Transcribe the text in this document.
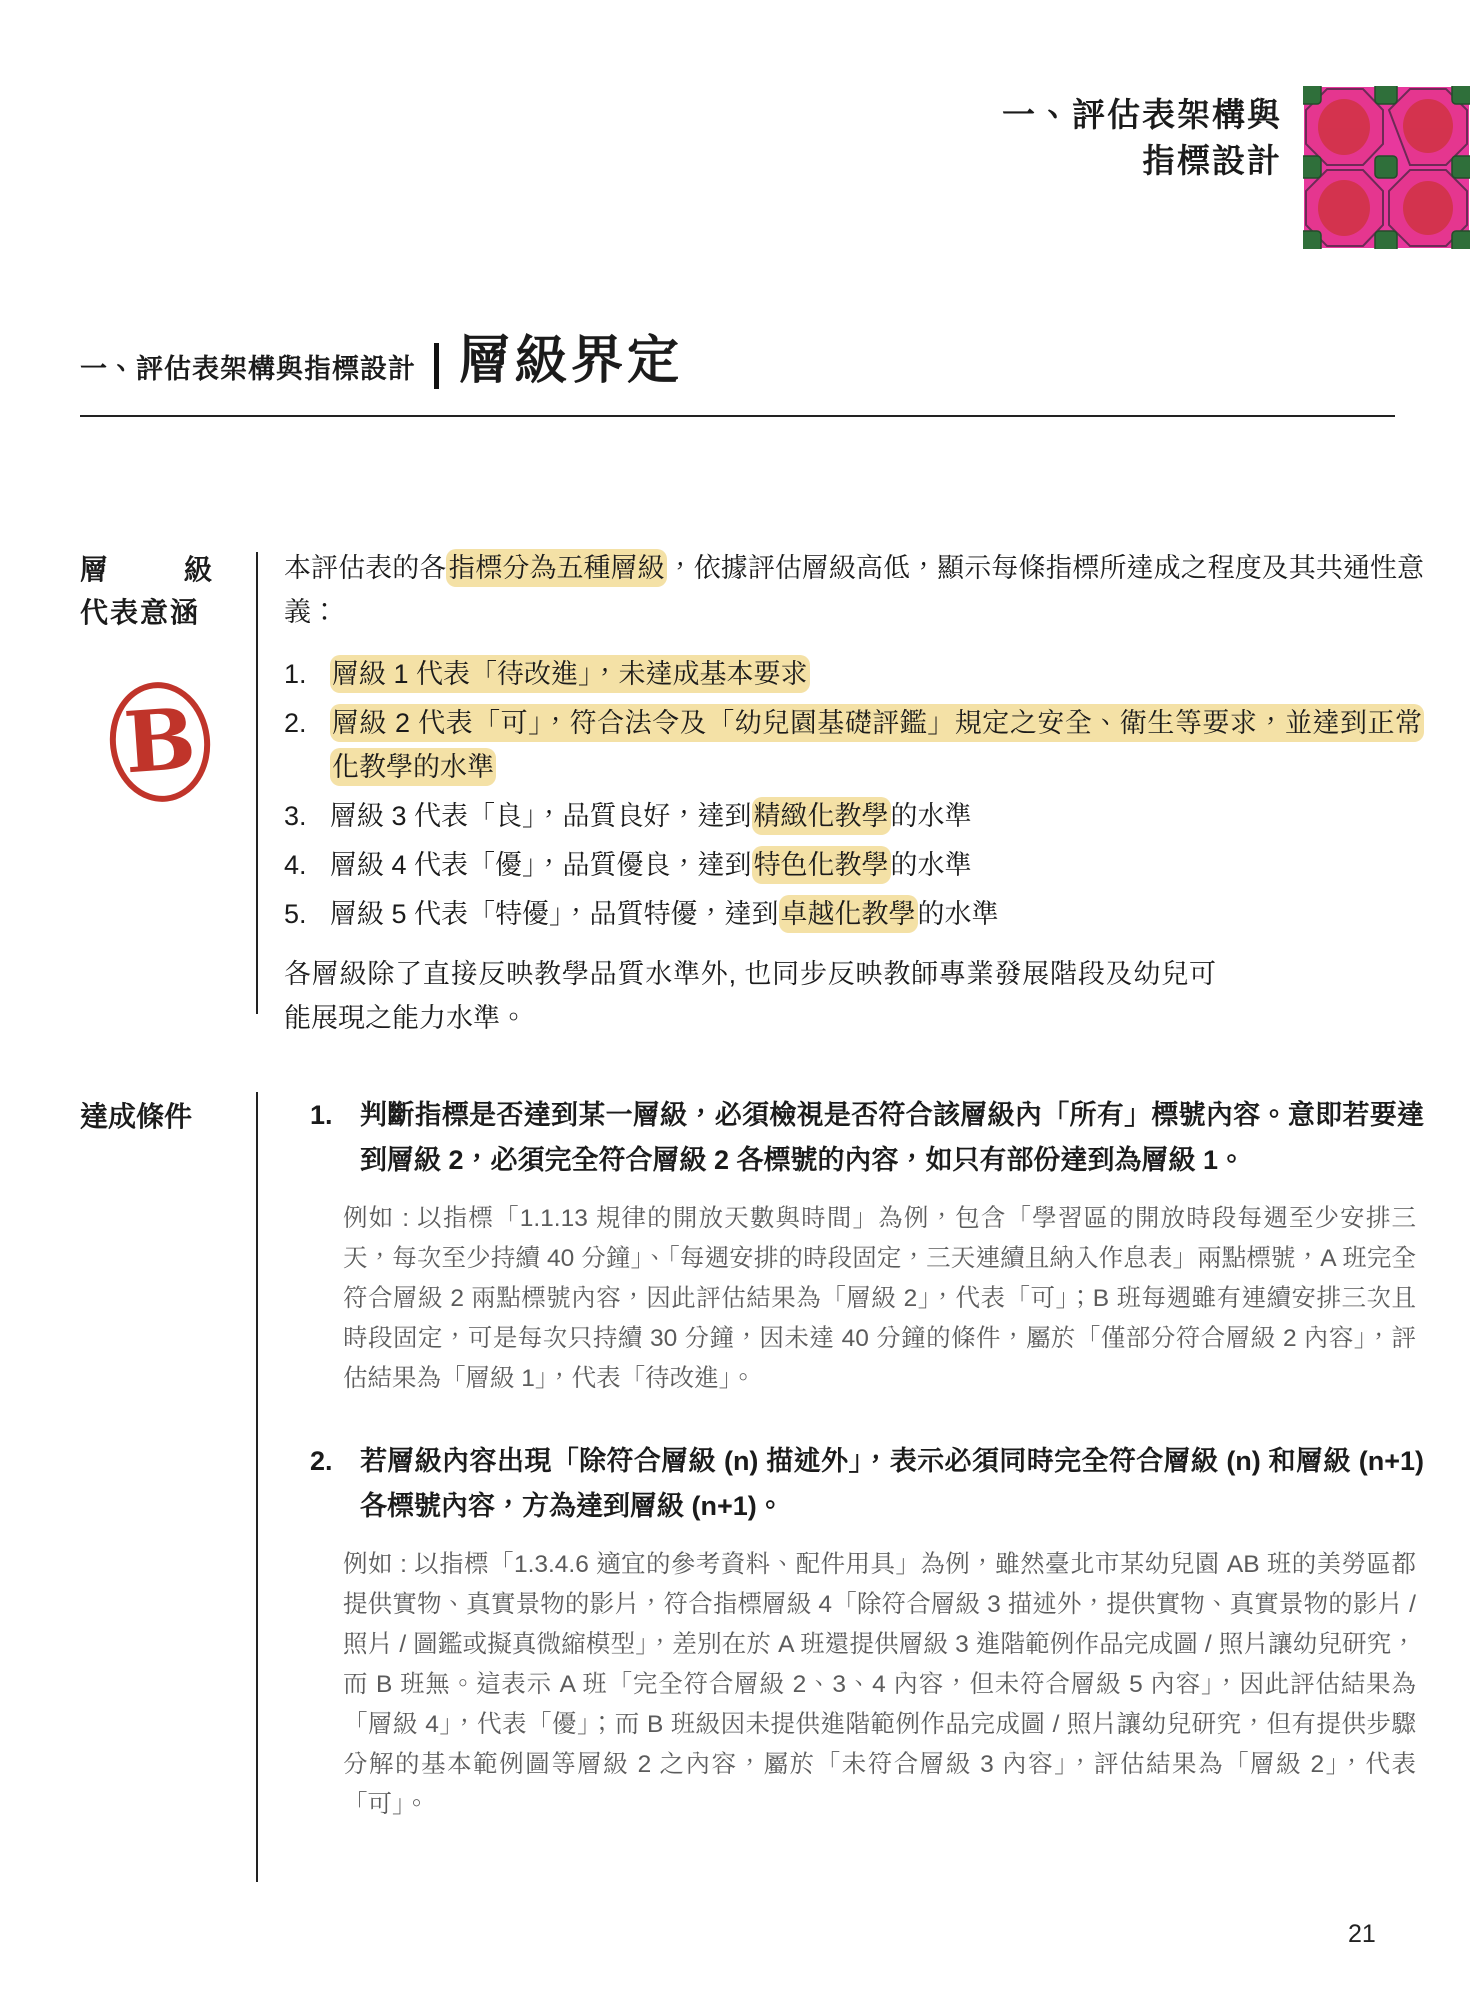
一、評估表架構與
指標設計
一、評估表架構與指標設計 層級界定
層	級
代表意涵
B

本評估表的各指標分為五種層級，依據評估層級高低，顯示每條指標所達成之程度及其共通性意義：

1. 層級 1 代表「待改進」，未達成基本要求
2. 層級 2 代表「可」，符合法令及「幼兒園基礎評鑑」規定之安全、衛生等要求，並達到正常化教學的水準
3. 層級 3 代表「良」，品質良好，達到精緻化教學的水準
4. 層級 4 代表「優」，品質優良，達到特色化教學的水準
5. 層級 5 代表「特優」，品質特優，達到卓越化教學的水準

各層級除了直接反映教學品質水準外, 也同步反映教師專業發展階段及幼兒可能展現之能力水準。

達成條件	1.	判斷指標是否達到某一層級，必須檢視是否符合該層級內「所有」標號內容。意即若要達到層級 2，必須完全符合層級 2 各標號的內容，如只有部份達到為層級 1。

例如 : 以指標「1.1.13 規律的開放天數與時間」為例，包含「學習區的開放時段每週至少安排三天，每次至少持續 40 分鐘」、「每週安排的時段固定，三天連續且納入作息表」兩點標號，A 班完全符合層級 2 兩點標號內容，因此評估結果為「層級 2」，代表「可」；B 班每週雖有連續安排三次且時段固定，可是每次只持續 30 分鐘，因未達 40 分鐘的條件，屬於「僅部分符合層級 2 內容」，評估結果為「層級 1」，代表「待改進」。

2.	若層級內容出現「除符合層級 (n) 描述外」，表示必須同時完全符合層級 (n) 和層級 (n+1) 各標號內容，方為達到層級 (n+1)。

例如 : 以指標「1.3.4.6 適宜的參考資料、配件用具」為例，雖然臺北市某幼兒園 AB 班的美勞區都提供實物、真實景物的影片，符合指標層級 4「除符合層級 3 描述外，提供實物、真實景物的影片 / 照片 / 圖鑑或擬真微縮模型」，差別在於 A 班還提供層級 3 進階範例作品完成圖 / 照片讓幼兒研究，而 B 班無。這表示 A 班「完全符合層級 2、3、4 內容，但未符合層級 5 內容」，因此評估結果為「層級 4」，代表「優」；而 B 班級因未提供進階範例作品完成圖 / 照片讓幼兒研究，但有提供步驟分解的基本範例圖等層級 2 之內容，屬於「未符合層級 3 內容」，評估結果為「層級 2」，代表「可」。

21
